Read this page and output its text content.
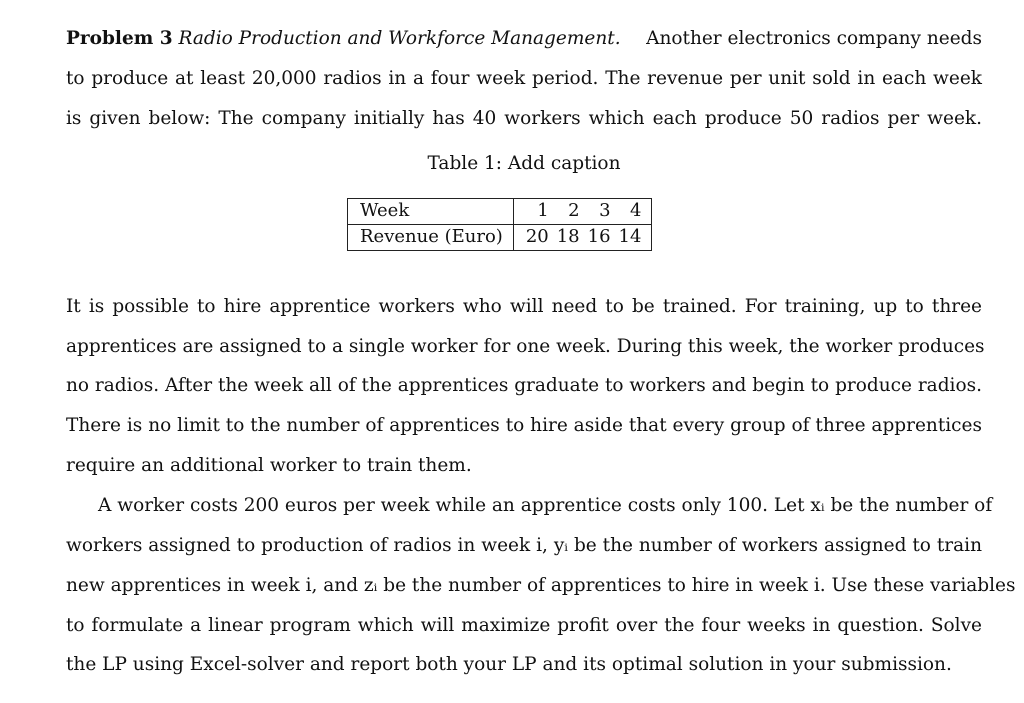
Problem 3 Radio Production and Workforce Management. Another electronics company needs
to produce at least 20,000 radios in a four week period. The revenue per unit sold in each week
is given below: The company initially has 40 workers which each produce 50 radios per week.
Table 1: Add caption
Week	1	2	3	4
Revenue (Euro)	20	18	16	14
It is possible to hire apprentice workers who will need to be trained. For training, up to three
apprentices are assigned to a single worker for one week. During this week, the worker produces
no radios. After the week all of the apprentices graduate to workers and begin to produce radios.
There is no limit to the number of apprentices to hire aside that every group of three apprentices
require an additional worker to train them.
A worker costs 200 euros per week while an apprentice costs only 100. Let xᵢ be the number of
workers assigned to production of radios in week i, yᵢ be the number of workers assigned to train
new apprentices in week i, and zᵢ be the number of apprentices to hire in week i. Use these variables
to formulate a linear program which will maximize profit over the four weeks in question. Solve
the LP using Excel-solver and report both your LP and its optimal solution in your submission.
